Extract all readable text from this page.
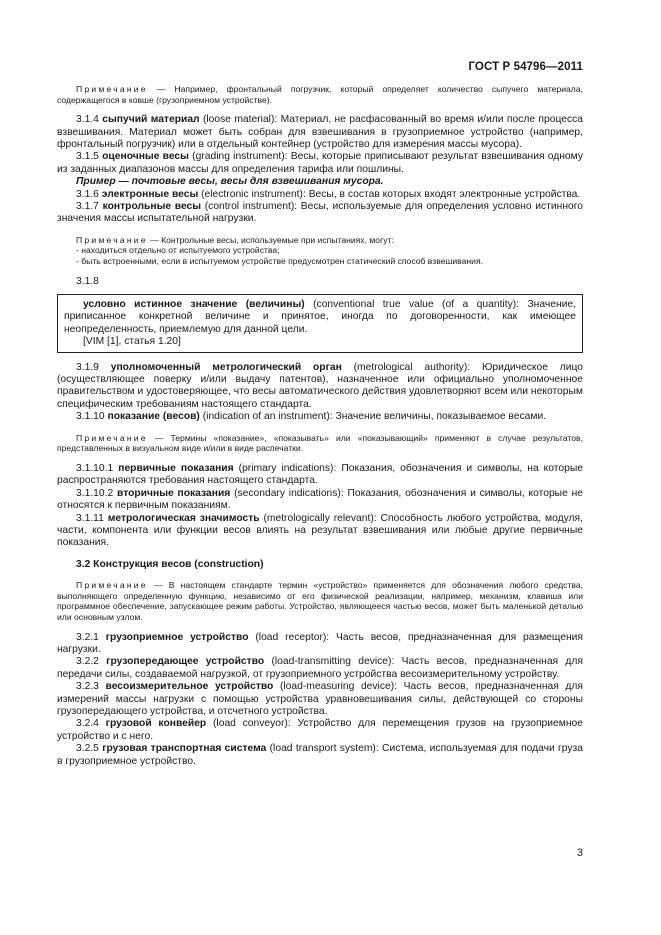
ГОСТ Р 54796—2011

Примечание — Например, фронтальный погрузчик, который определяет количество сыпучего материала, содержащегося в ковше (грузоприемном устройстве).

3.1.4 сыпучий материал (loose material): Материал, не расфасованный во время и/или после процесса взвешивания. Материал может быть собран для взвешивания в грузоприемное устройство (например, фронтальный погрузчик) или в отдельный контейнер (устройство для измерения массы мусора).

3.1.5 оценочные весы (grading instrument): Весы, которые приписывают результат взвешивания одному из заданных диапазонов массы для определения тарифа или пошлины.

Пример — почтовые весы, весы для взвешивания мусора.

3.1.6 электронные весы (electronic instrument): Весы, в состав которых входят электронные устройства.

3.1.7 контрольные весы (control instrument): Весы, используемые для определения условно истинного значения массы испытательной нагрузки.

Примечание — Контрольные весы, используемые при испытаниях, могут:

- находиться отдельно от испытуемого устройства;

- быть встроенными, если в испытуемом устройстве предусмотрен статический способ взвешивания.

3.1.8

условно истинное значение (величины) (conventional true value (of a quantity): Значение, приписанное конкретной величине и принятое, иногда по договоренности, как имеющее неопределенность, приемлемую для данной цели.

[VIM [1], статья 1.20]

3.1.9 уполномоченный метрологический орган (metrological authority): Юридическое лицо (осуществляющее поверку и/или выдачу патентов), назначенное или официально уполномоченное правительством и удостоверяющее, что весы автоматического действия удовлетворяют всем или некоторым специфическим требованиям настоящего стандарта.

3.1.10 показание (весов) (indication of an instrument): Значение величины, показываемое весами.

Примечание — Термины «показание», «показывать» или «показывающий» применяют в случае результатов, представленных в визуальном виде и/или в виде распечатки.

3.1.10.1 первичные показания (primary indications): Показания, обозначения и символы, на которые распространяются требования настоящего стандарта.

3.1.10.2 вторичные показания (secondary indications): Показания, обозначения и символы, которые не относятся к первичным показаниям.

3.1.11 метрологическая значимость (metrologically relevant): Способность любого устройства, модуля, части, компонента или функции весов влиять на результат взвешивания или любые другие первичные показания.

3.2 Конструкция весов (construction)

Примечание — В настоящем стандарте термин «устройство» применяется для обозначения любого средства, выполняющего определенную функцию, независимо от его физической реализации, например, механизм, клавиша или программное обеспечение, запускающее режим работы. Устройство, являющееся частью весов, может быть маленькой деталью или основным узлом.

3.2.1 грузоприемное устройство (load receptor): Часть весов, предназначенная для размещения нагрузки.

3.2.2 грузопередающее устройство (load-transmitting device): Часть весов, предназначенная для передачи силы, создаваемой нагрузкой, от грузоприемного устройства весоизмерительному устройству.

3.2.3 весоизмерительное устройство (load-measuring device): Часть весов, предназначенная для измерений массы нагрузки с помощью устройства уравновешивания силы, действующей со стороны грузопередающего устройства, и отсчетного устройства.

3.2.4 грузовой конвейер (load conveyor): Устройство для перемещения грузов на грузоприемное устройство и с него.

3.2.5 грузовая транспортная система (load transport system): Система, используемая для подачи груза в грузоприемное устройство.

3
